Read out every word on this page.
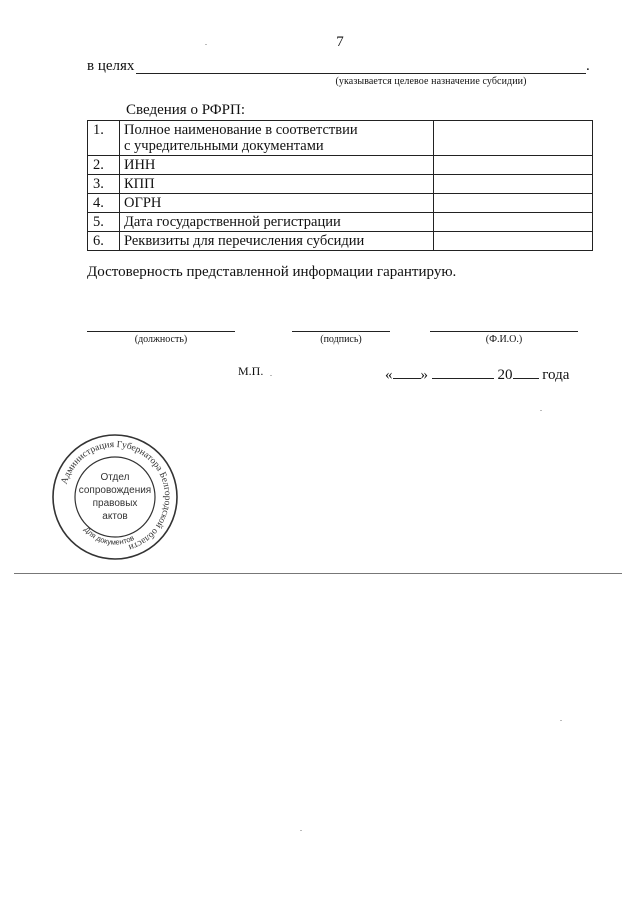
7
в целях	.
(указывается целевое назначение субсидии)
Сведения о РФРП:
1.	Полное наименование в соответствии
с учредительными документами	

2.	ИНН	

3.	КПП	

4.	ОГРН	

5.	Дата государственной регистрации	

6.	Реквизиты для перечисления субсидии	

Достоверность представленной информации гарантирую.
(должность)	(подпись)	(Ф.И.О.)
М.П.	« »	20 года
Администрация Губернатора Белгородской области
Для документов
Отдел
сопровождения
правовых
актов
